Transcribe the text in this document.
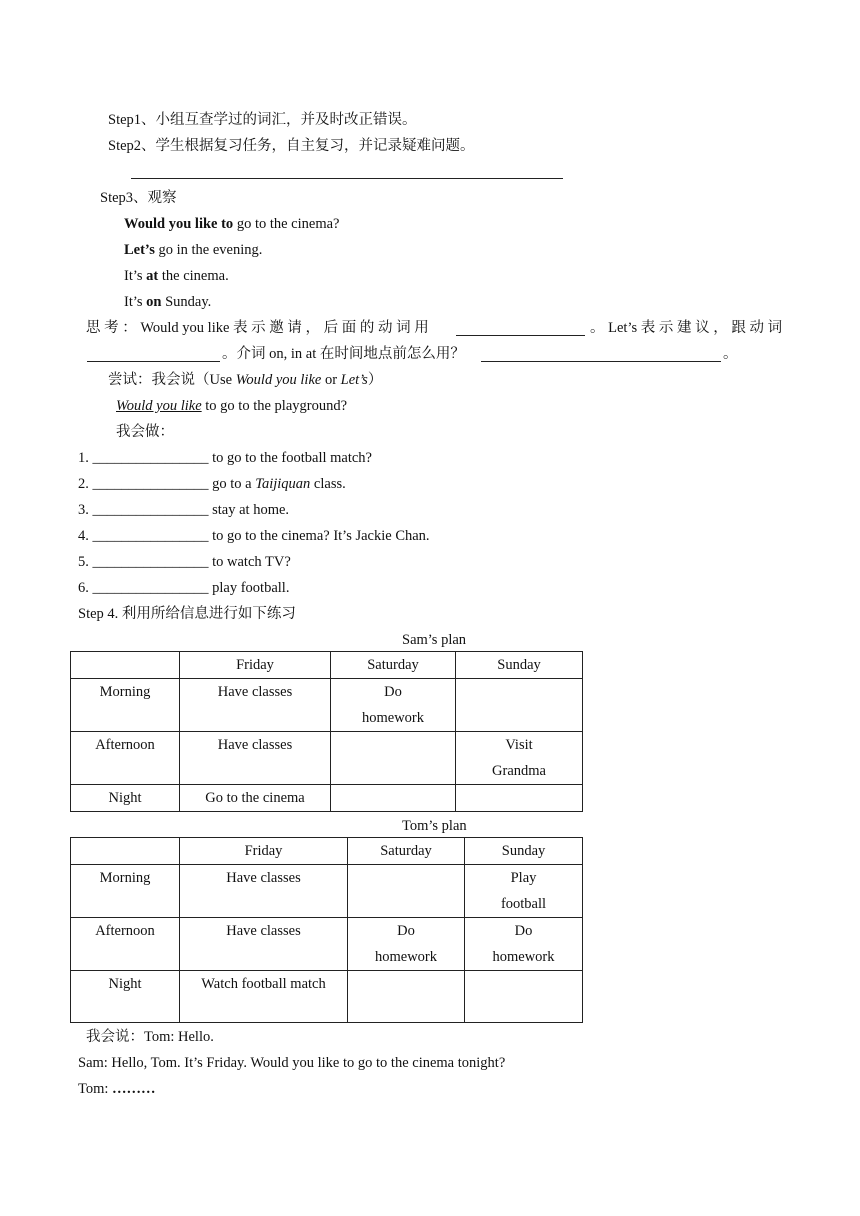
Step1、小组互查学过的词汇，并及时改正错误。
Step2、学生根据复习任务，自主复习，并记录疑难问题。
Step3、观察
Would you like to go to the cinema?
Let’s go in the evening.
It’s at the cinema.
It’s on Sunday.
思 考 ： Would you like 表 示 邀 请 ， 后 面 的 动 词 用	。 Let’s 表 示 建 议 ， 跟 动 词
。介词 on, in at 在时间地点前怎么用？	。
尝试：我会说（Use Would you like or Let’s）
Would you like to go to the playground?
我会做：
1. ________________ to go to the football match?
2. ________________ go to a Taijiquan class.
3. ________________ stay at home.
4. ________________ to go to the cinema? It’s Jackie Chan.
5. ________________ to watch TV?
6. ________________ play football.
Step 4. 利用所给信息进行如下练习
Sam’s plan
	Friday	Saturday	Sunday
Morning	Have classes	Do homework	
Afternoon	Have classes		Visit Grandma
Night	Go to the cinema		
Tom’s plan
	Friday	Saturday	Sunday
Morning	Have classes		Play football
Afternoon	Have classes	Do homework	Do homework
Night	Watch football match		
我会说：Tom: Hello.
Sam: Hello, Tom. It’s Friday. Would you like to go to the cinema tonight?
Tom: ………
